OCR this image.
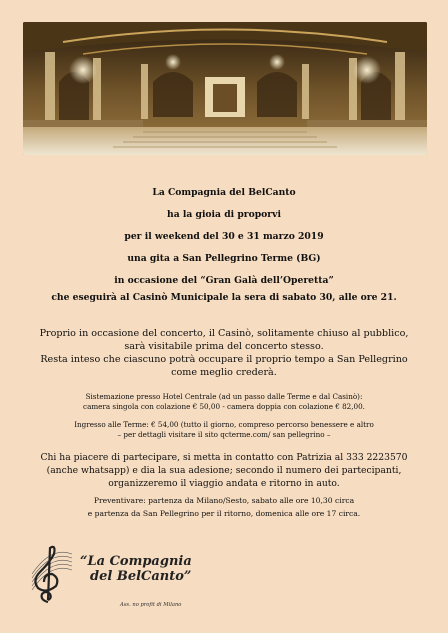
La Compagnia del BelCanto
ha la gioia di proporvi
per il weekend del 30 e 31 marzo 2019
una gita a San Pellegrino Terme (BG)
in occasione del “Gran Galà dell’Operetta”
che eseguirà al Casinò Municipale la sera di sabato 30, alle ore 21.
Proprio in occasione del concerto, il Casinò, solitamente chiuso al pubblico,
sarà visitabile prima del concerto stesso.
Resta inteso che ciascuno potrà occupare il proprio tempo a San Pellegrino
come meglio crederà.
Sistemazione presso Hotel Centrale (ad un passo dalle Terme e dal Casinò):
camera singola con colazione € 50,00 - camera doppia con colazione € 82,00.
Ingresso alle Terme: € 54,00 (tutto il giorno, compreso percorso benessere e altro
– per dettagli visitare il sito qcterme.com/ san pellegrino –
Chi ha piacere di partecipare, si metta in contatto con Patrizia al 333 2223570
(anche whatsapp) e dia la sua adesione; secondo il numero dei partecipanti,
organizzeremo il viaggio andata e ritorno in auto.
Preventivare: partenza da Milano/Sesto, sabato alle ore 10,30 circa
e partenza da San Pellegrino per il ritorno, domenica alle ore 17 circa.
“La Compagnia
del BelCanto”
Ass. no profit di Milano
